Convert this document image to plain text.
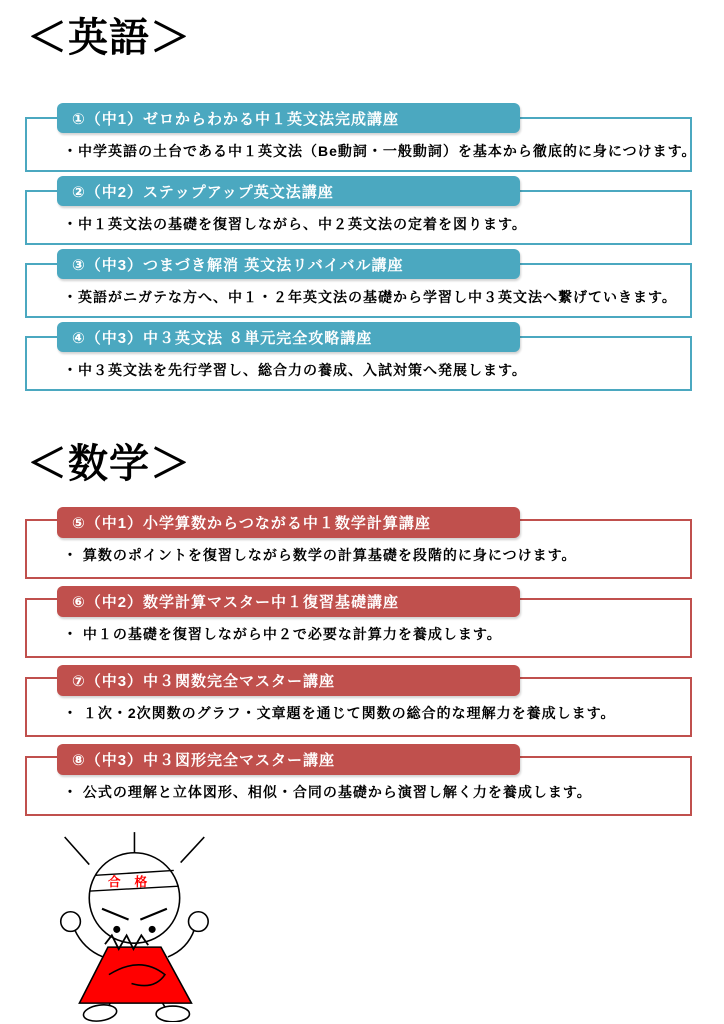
＜英語＞
①（中1）ゼロからわかる中１英文法完成講座

・中学英語の土台である中１英文法（Be動詞・一般動詞）を基本から徹底的に身につけます。

②（中2）ステップアップ英文法講座

・中１英文法の基礎を復習しながら、中２英文法の定着を図ります。

③（中3）つまづき解消 英文法リバイバル講座

・英語がニガテな方へ、中１・２年英文法の基礎から学習し中３英文法へ繋げていきます。

④（中3）中３英文法 ８単元完全攻略講座

・中３英文法を先行学習し、総合力の養成、入試対策へ発展します。

＜数学＞
⑤（中1）小学算数からつながる中１数学計算講座

・ 算数のポイントを復習しながら数学の計算基礎を段階的に身につけます。

⑥（中2）数学計算マスター中１復習基礎講座

・ 中１の基礎を復習しながら中２で必要な計算力を養成します。

⑦（中3）中３関数完全マスター講座

・ １次・2次関数のグラフ・文章題を通じて関数の総合的な理解力を養成します。

⑧（中3）中３図形完全マスター講座

・ 公式の理解と立体図形、相似・合同の基礎から演習し解く力を養成します。

合格
